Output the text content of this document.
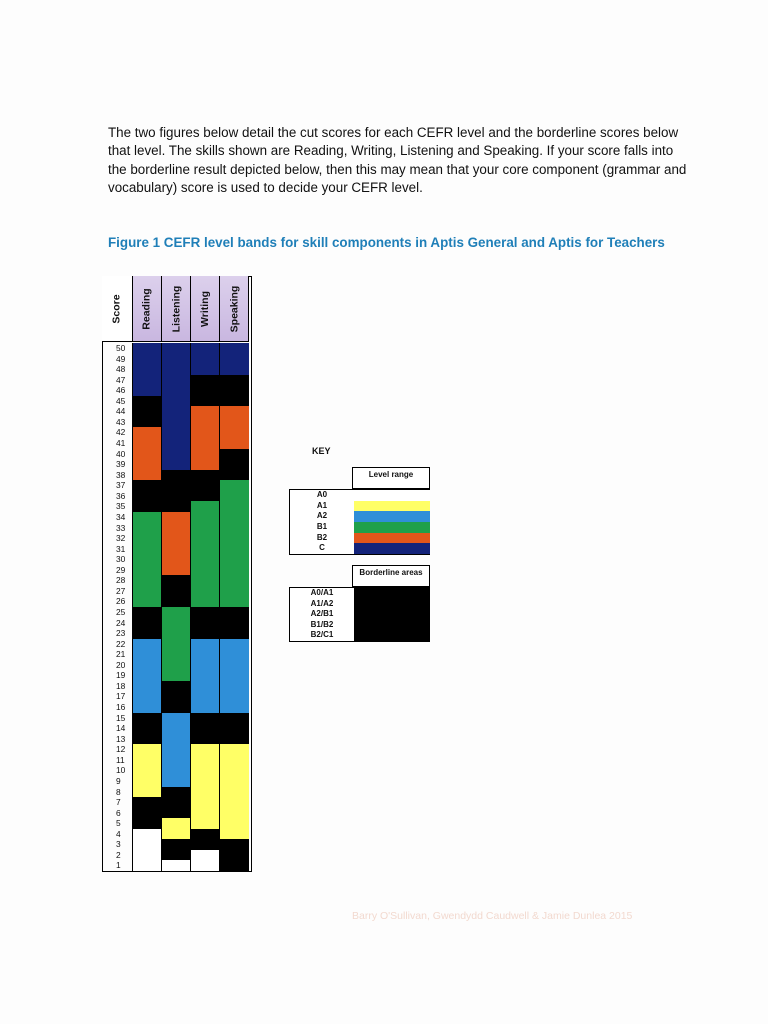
The two figures below detail the cut scores for each CEFR level and the borderline scores below that level. The skills shown are Reading, Writing, Listening and Speaking. If your score falls into the borderline result depicted below, then this may mean that your core component (grammar and vocabulary) score is used to decide your CEFR level.

Figure 1 CEFR level bands for skill components in Aptis General and Aptis for Teachers

Score Reading Listening Writing Speaking
50
49
48
47
46
45
44
43
42
41
40
39
38
37
36
35
34
33
32
31
30
29
28
27
26
25
24
23
22
21
20
19
18
17
16
15
14
13
12
11
10
9
8
7
6
5
4
3
2
1
KEY
Level range
A0
A1
A2
B1
B2
C
Borderline areas
A0/A1
A1/A2
A2/B1
B1/B2
B2/C1
Barry O'Sullivan, Gwendydd Caudwell & Jamie Dunlea 2015
